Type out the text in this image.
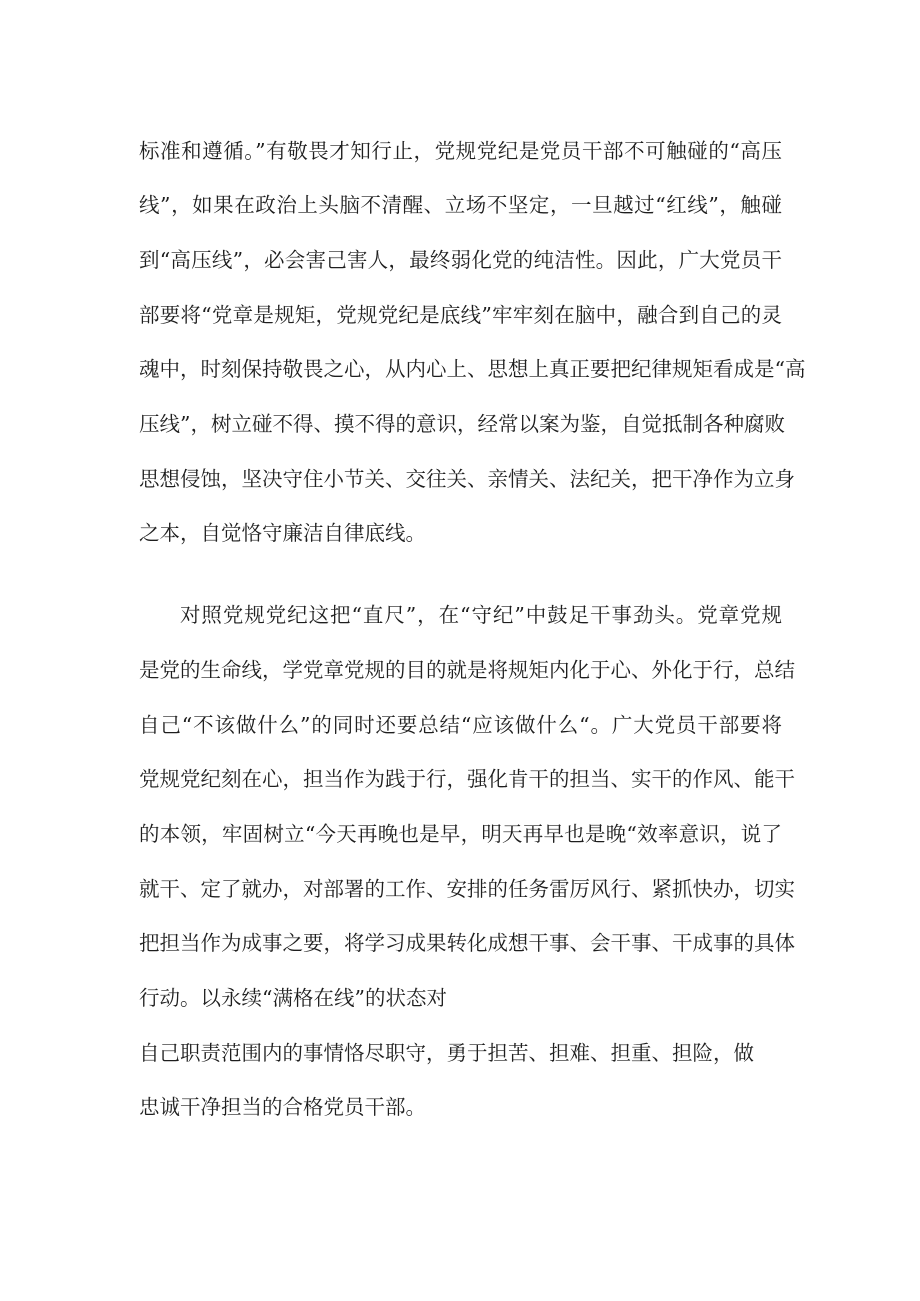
标准和遵循。”有敬畏才知行止，党规党纪是党员干部不可触碰的“高压

线”，如果在政治上头脑不清醒、立场不坚定，一旦越过“红线”，触碰

到“高压线”，必会害己害人，最终弱化党的纯洁性。因此，广大党员干

部要将“党章是规矩，党规党纪是底线”牢牢刻在脑中，融合到自己的灵

魂中，时刻保持敬畏之心，从内心上、思想上真正要把纪律规矩看成是“高

压线”，树立碰不得、摸不得的意识，经常以案为鉴，自觉抵制各种腐败

思想侵蚀，坚决守住小节关、交往关、亲情关、法纪关，把干净作为立身

之本，自觉恪守廉洁自律底线。

对照党规党纪这把“直尺”，在“守纪”中鼓足干事劲头。党章党规

是党的生命线，学党章党规的目的就是将规矩内化于心、外化于行，总结

自己“不该做什么”的同时还要总结“应该做什么“。广大党员干部要将

党规党纪刻在心，担当作为践于行，强化肯干的担当、实干的作风、能干

的本领，牢固树立“今天再晚也是早，明天再早也是晚“效率意识，说了

就干、定了就办，对部署的工作、安排的任务雷厉风行、紧抓快办，切实

把担当作为成事之要，将学习成果转化成想干事、会干事、干成事的具体

行动。以永续“满格在线”的状态对

自己职责范围内的事情恪尽职守，勇于担苦、担难、担重、担险，做

忠诚干净担当的合格党员干部。
